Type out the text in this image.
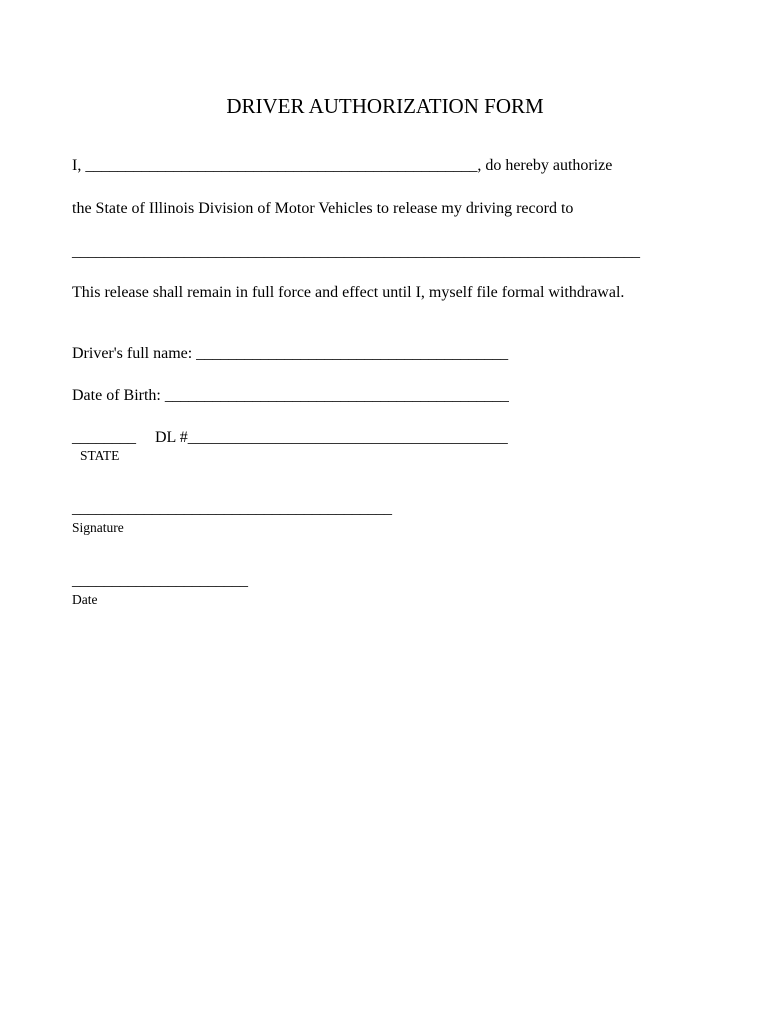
DRIVER AUTHORIZATION FORM
I, _________________________________________________, do hereby authorize
the State of Illinois Division of Motor Vehicles to release my driving record to
_______________________________________________________________________
This release shall remain in full force and effect until I, myself file formal withdrawal.
Driver's full name: _______________________________________
Date of Birth: ___________________________________________
________ DL #________________________________________
STATE
________________________________________
Signature
______________________
Date
